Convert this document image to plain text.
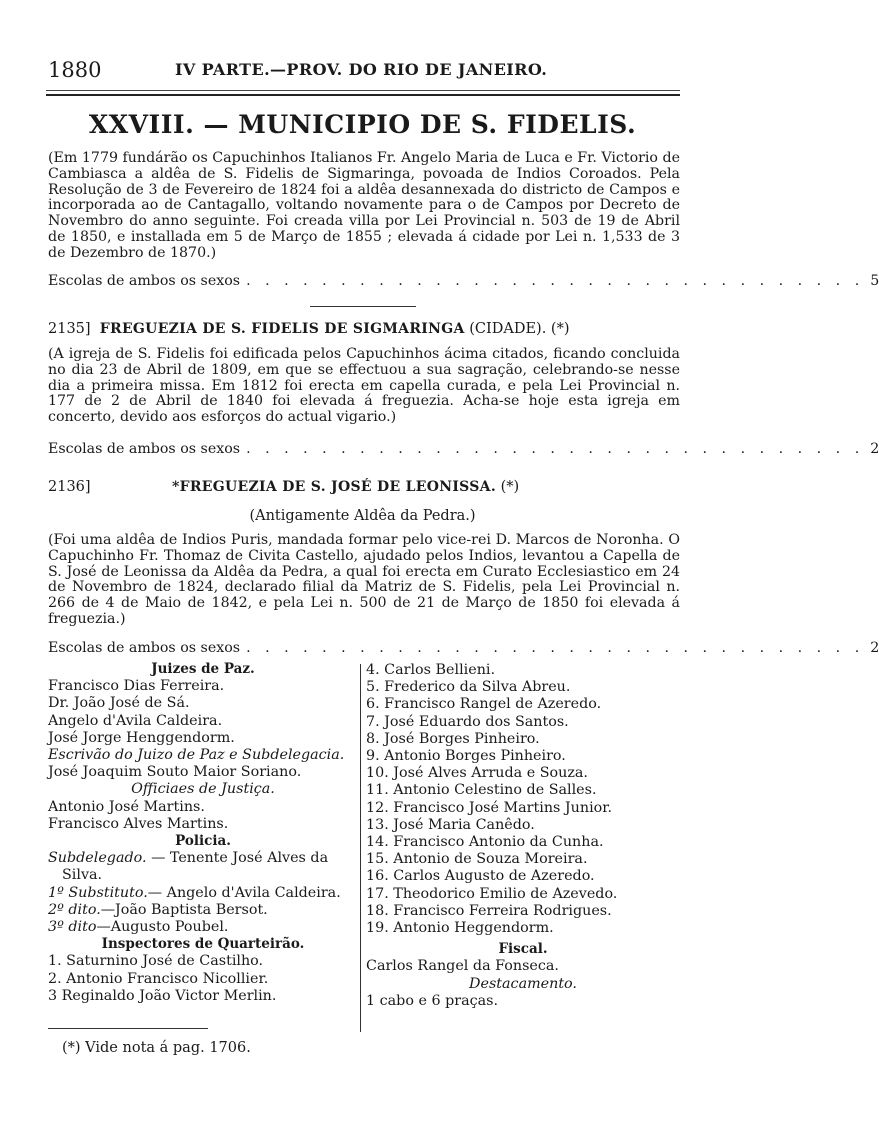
1880	IV PARTE.—PROV. DO RIO DE JANEIRO.
XXVIII. — MUNICIPIO DE S. FIDELIS.
(Em 1779 fundárão os Capuchinhos Italianos Fr. Angelo Maria de Luca e Fr. Victorio de Cambiasca a aldêa de S. Fidelis de Sigmaringa, povoada de Indios Coroados. Pela Resolução de 3 de Fevereiro de 1824 foi a aldêa desannexada do districto de Campos e incorporada ao de Cantagallo, voltando novamente para o de Campos por Decreto de Novembro do anno seguinte. Foi creada villa por Lei Provincial n. 503 de 19 de Abril de 1850, e installada em 5 de Março de 1855 ; elevada á cidade por Lei n. 1,533 de 3 de Dezembro de 1870.)
Escolas de ambos os sexos . . . . . . . . . . . . . . . . . . . . . . . . . . . . . . . . . 5
2135] FREGUEZIA DE S. FIDELIS DE SIGMARINGA (CIDADE). (*)
(A igreja de S. Fidelis foi edificada pelos Capuchinhos ácima citados, ficando concluida no dia 23 de Abril de 1809, em que se effectuou a sua sagração, celebrando-se nesse dia a primeira missa. Em 1812 foi erecta em capella curada, e pela Lei Provincial n. 177 de 2 de Abril de 1840 foi elevada á freguezia. Acha-se hoje esta igreja em concerto, devido aos esforços do actual vigario.)
Escolas de ambos os sexos . . . . . . . . . . . . . . . . . . . . . . . . . . . . . . . . . 2
2136]	*FREGUEZIA DE S. JOSÉ DE LEONISSA. (*)
(Antigamente Aldêa da Pedra.)
(Foi uma aldêa de Indios Puris, mandada formar pelo vice-rei D. Marcos de Noronha. O Capuchinho Fr. Thomaz de Civita Castello, ajudado pelos Indios, levantou a Capella de S. José de Leonissa da Aldêa da Pedra, a qual foi erecta em Curato Ecclesiastico em 24 de Novembro de 1824, declarado filial da Matriz de S. Fidelis, pela Lei Provincial n. 266 de 4 de Maio de 1842, e pela Lei n. 500 de 21 de Março de 1850 foi elevada á freguezia.)
Escolas de ambos os sexos . . . . . . . . . . . . . . . . . . . . . . . . . . . . . . . . . 2
Juizes de Paz.
Francisco Dias Ferreira.
Dr. João José de Sá.
Angelo d'Avila Caldeira.
José Jorge Henggendorm.
Escrivão do Juizo de Paz e Subdelegacia.
José Joaquim Souto Maior Soriano.
Officiaes de Justiça.
Antonio José Martins.
Francisco Alves Martins.
Policia.
Subdelegado. — Tenente José Alves da
Silva.
1º Substituto.— Angelo d'Avila Caldeira.
2º dito.—João Baptista Bersot.
3º dito—Augusto Poubel.
Inspectores de Quarteirão.
1. Saturnino José de Castilho.
2. Antonio Francisco Nicollier.
3 Reginaldo João Victor Merlin.
4. Carlos Bellieni.
5. Frederico da Silva Abreu.
6. Francisco Rangel de Azeredo.
7. José Eduardo dos Santos.
8. José Borges Pinheiro.
9. Antonio Borges Pinheiro.
10. José Alves Arruda e Souza.
11. Antonio Celestino de Salles.
12. Francisco José Martins Junior.
13. José Maria Canêdo.
14. Francisco Antonio da Cunha.
15. Antonio de Souza Moreira.
16. Carlos Augusto de Azeredo.
17. Theodorico Emilio de Azevedo.
18. Francisco Ferreira Rodrigues.
19. Antonio Heggendorm.
Fiscal.
Carlos Rangel da Fonseca.
Destacamento.
1 cabo e 6 praças.
(*) Vide nota á pag. 1706.
